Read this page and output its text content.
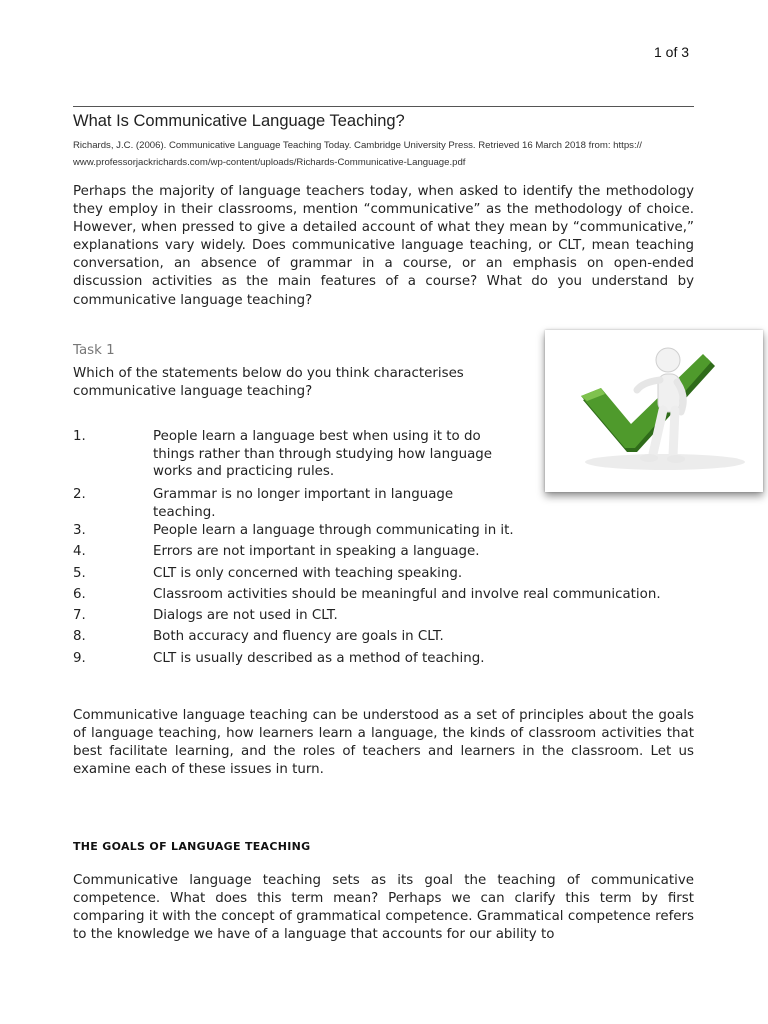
1 of 3
What Is Communicative Language Teaching?
Richards, J.C. (2006). Communicative Language Teaching Today. Cambridge University Press. Retrieved 16 March 2018 from: https://
www.professorjackrichards.com/wp-content/uploads/Richards-Communicative-Language.pdf

Perhaps the majority of language teachers today, when asked to identify the methodology they employ in their classrooms, mention “communicative” as the methodology of choice. However, when pressed to give a detailed account of what they mean by “communicative,” explanations vary widely. Does communicative language teaching, or CLT, mean teaching conversation, an absence of grammar in a course, or an emphasis on open-ended discussion activities as the main features of a course? What do you understand by communicative language teaching?

Task 1

Which of the statements below do you think characterises communicative language teaching?

1.	People learn a language best when using it to do
things rather than through studying how language
works and practicing rules.
2.	Grammar is no longer important in language
teaching.
3.	People learn a language through communicating in it.
4.	Errors are not important in speaking a language.
5.	CLT is only concerned with teaching speaking.
6.	Classroom activities should be meaningful and involve real communication.
7.	Dialogs are not used in CLT.
8.	Both accuracy and fluency are goals in CLT.
9.	CLT is usually described as a method of teaching.

Communicative language teaching can be understood as a set of principles about the goals of language teaching, how learners learn a language, the kinds of classroom activities that best facilitate learning, and the roles of teachers and learners in the classroom. Let us examine each of these issues in turn.

THE GOALS OF LANGUAGE TEACHING

Communicative language teaching sets as its goal the teaching of communicative competence. What does this term mean? Perhaps we can clarify this term by first comparing it with the concept of grammatical competence. Grammatical competence refers to the knowledge we have of a language that accounts for our ability to
